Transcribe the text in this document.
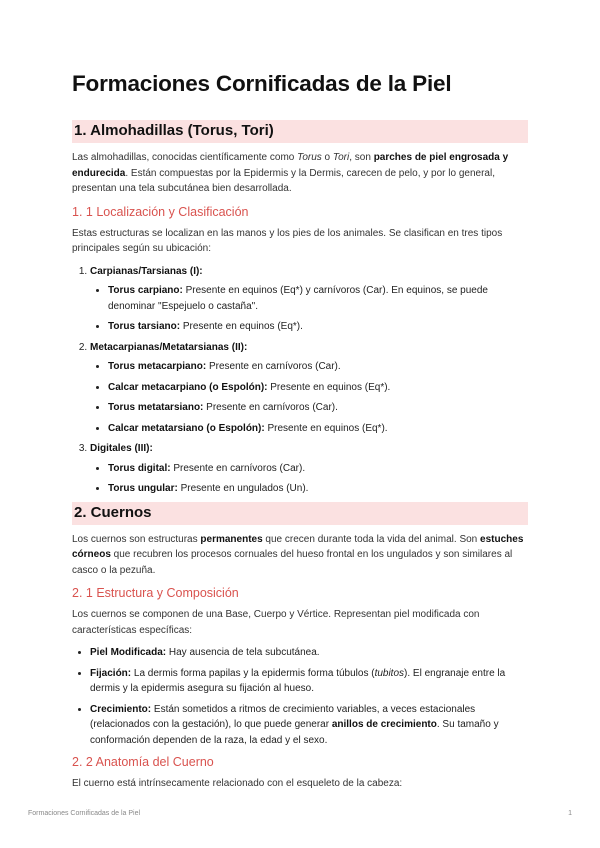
Formaciones Cornificadas de la Piel
1. Almohadillas (Torus, Tori)

Las almohadillas, conocidas científicamente como Torus o Tori, son parches de piel engrosada y endurecida. Están compuestas por la Epidermis y la Dermis, carecen de pelo, y por lo general, presentan una tela subcutánea bien desarrollada.

1. 1 Localización y Clasificación

Estas estructuras se localizan en las manos y los pies de los animales. Se clasifican en tres tipos principales según su ubicación:

1. Carpianas/Tarsianas (I):
• Torus carpiano: Presente en equinos (Eq*) y carnívoros (Car). En equinos, se puede denominar "Espejuelo o castaña".
• Torus tarsiano: Presente en equinos (Eq*).
2. Metacarpianas/Metatarsianas (II):
• Torus metacarpiano: Presente en carnívoros (Car).
• Calcar metacarpiano (o Espolón): Presente en equinos (Eq*).
• Torus metatarsiano: Presente en carnívoros (Car).
• Calcar metatarsiano (o Espolón): Presente en equinos (Eq*).
3. Digitales (III):
• Torus digital: Presente en carnívoros (Car).
• Torus ungular: Presente en ungulados (Un).
2. Cuernos

Los cuernos son estructuras permanentes que crecen durante toda la vida del animal. Son estuches córneos que recubren los procesos cornuales del hueso frontal en los ungulados y son similares al casco o la pezuña.

2. 1 Estructura y Composición

Los cuernos se componen de una Base, Cuerpo y Vértice. Representan piel modificada con características específicas:

• Piel Modificada: Hay ausencia de tela subcutánea.
• Fijación: La dermis forma papilas y la epidermis forma túbulos (tubitos). El engranaje entre la dermis y la epidermis asegura su fijación al hueso.
• Crecimiento: Están sometidos a ritmos de crecimiento variables, a veces estacionales (relacionados con la gestación), lo que puede generar anillos de crecimiento. Su tamaño y conformación dependen de la raza, la edad y el sexo.
2. 2 Anatomía del Cuerno

El cuerno está intrínsecamente relacionado con el esqueleto de la cabeza:

Formaciones Cornificadas de la Piel	1
